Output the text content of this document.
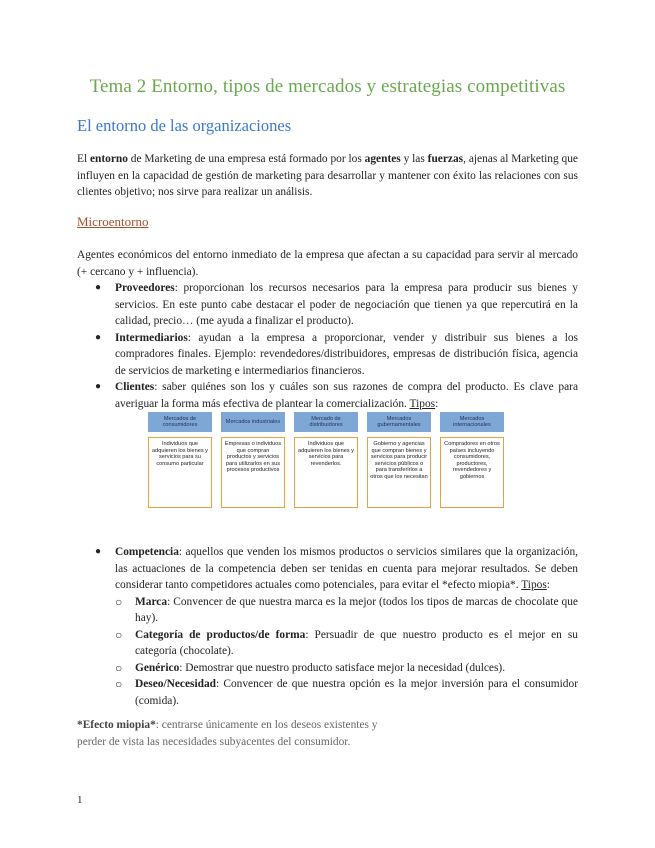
Tema 2 Entorno, tipos de mercados y estrategias competitivas
El entorno de las organizaciones

El entorno de Marketing de una empresa está formado por los agentes y las fuerzas, ajenas al Marketing que influyen en la capacidad de gestión de marketing para desarrollar y mantener con éxito las relaciones con sus clientes objetivo; nos sirve para realizar un análisis.

Microentorno

Agentes económicos del entorno inmediato de la empresa que afectan a su capacidad para servir al mercado (+ cercano y + influencia).

● Proveedores: proporcionan los recursos necesarios para la empresa para producir sus bienes y servicios. En este punto cabe destacar el poder de negociación que tienen ya que repercutirá en la calidad, precio… (me ayuda a finalizar el producto).
● Intermediarios: ayudan a la empresa a proporcionar, vender y distribuir sus bienes a los compradores finales. Ejemplo: revendedores/distribuidores, empresas de distribución física, agencia de servicios de marketing e intermediarios financieros.
● Clientes: saber quiénes son los y cuáles son sus razones de compra del producto. Es clave para averiguar la forma más efectiva de plantear la comercialización. Tipos:
Mercados de consumidores
Individuos que adquieren los bienes y servicios para su consumo particular
Mercados industriales
Empresas o individuos que compran productos y servicios para utilizarlos en sus procesos productivos
Mercado de distribuidores
Individuos que adquieren los bienes y servicios para revenderlos.
Mercados gubernamentales
Gobierno y agencias que compran bienes y servicios para producir servicios públicos o para transferirlos a otros que los necesitan
Mercados internacionales
Compradores en otros países incluyendo consumidores, productores, revendedores y gobiernos
● Competencia: aquellos que venden los mismos productos o servicios similares que la organización, las actuaciones de la competencia deben ser tenidas en cuenta para mejorar resultados. Se deben considerar tanto competidores actuales como potenciales, para evitar el *efecto miopia*. Tipos:
○ Marca: Convencer de que nuestra marca es la mejor (todos los tipos de marcas de chocolate que hay).
○ Categoría de productos/de forma: Persuadir de que nuestro producto es el mejor en su categoría (chocolate).
○ Genérico: Demostrar que nuestro producto satisface mejor la necesidad (dulces).
○ Deseo/Necesidad: Convencer de que nuestra opción es la mejor inversión para el consumidor (comida).

*Efecto miopia*: centrarse únicamente en los deseos existentes y perder de vista las necesidades subyacentes del consumidor.

1
